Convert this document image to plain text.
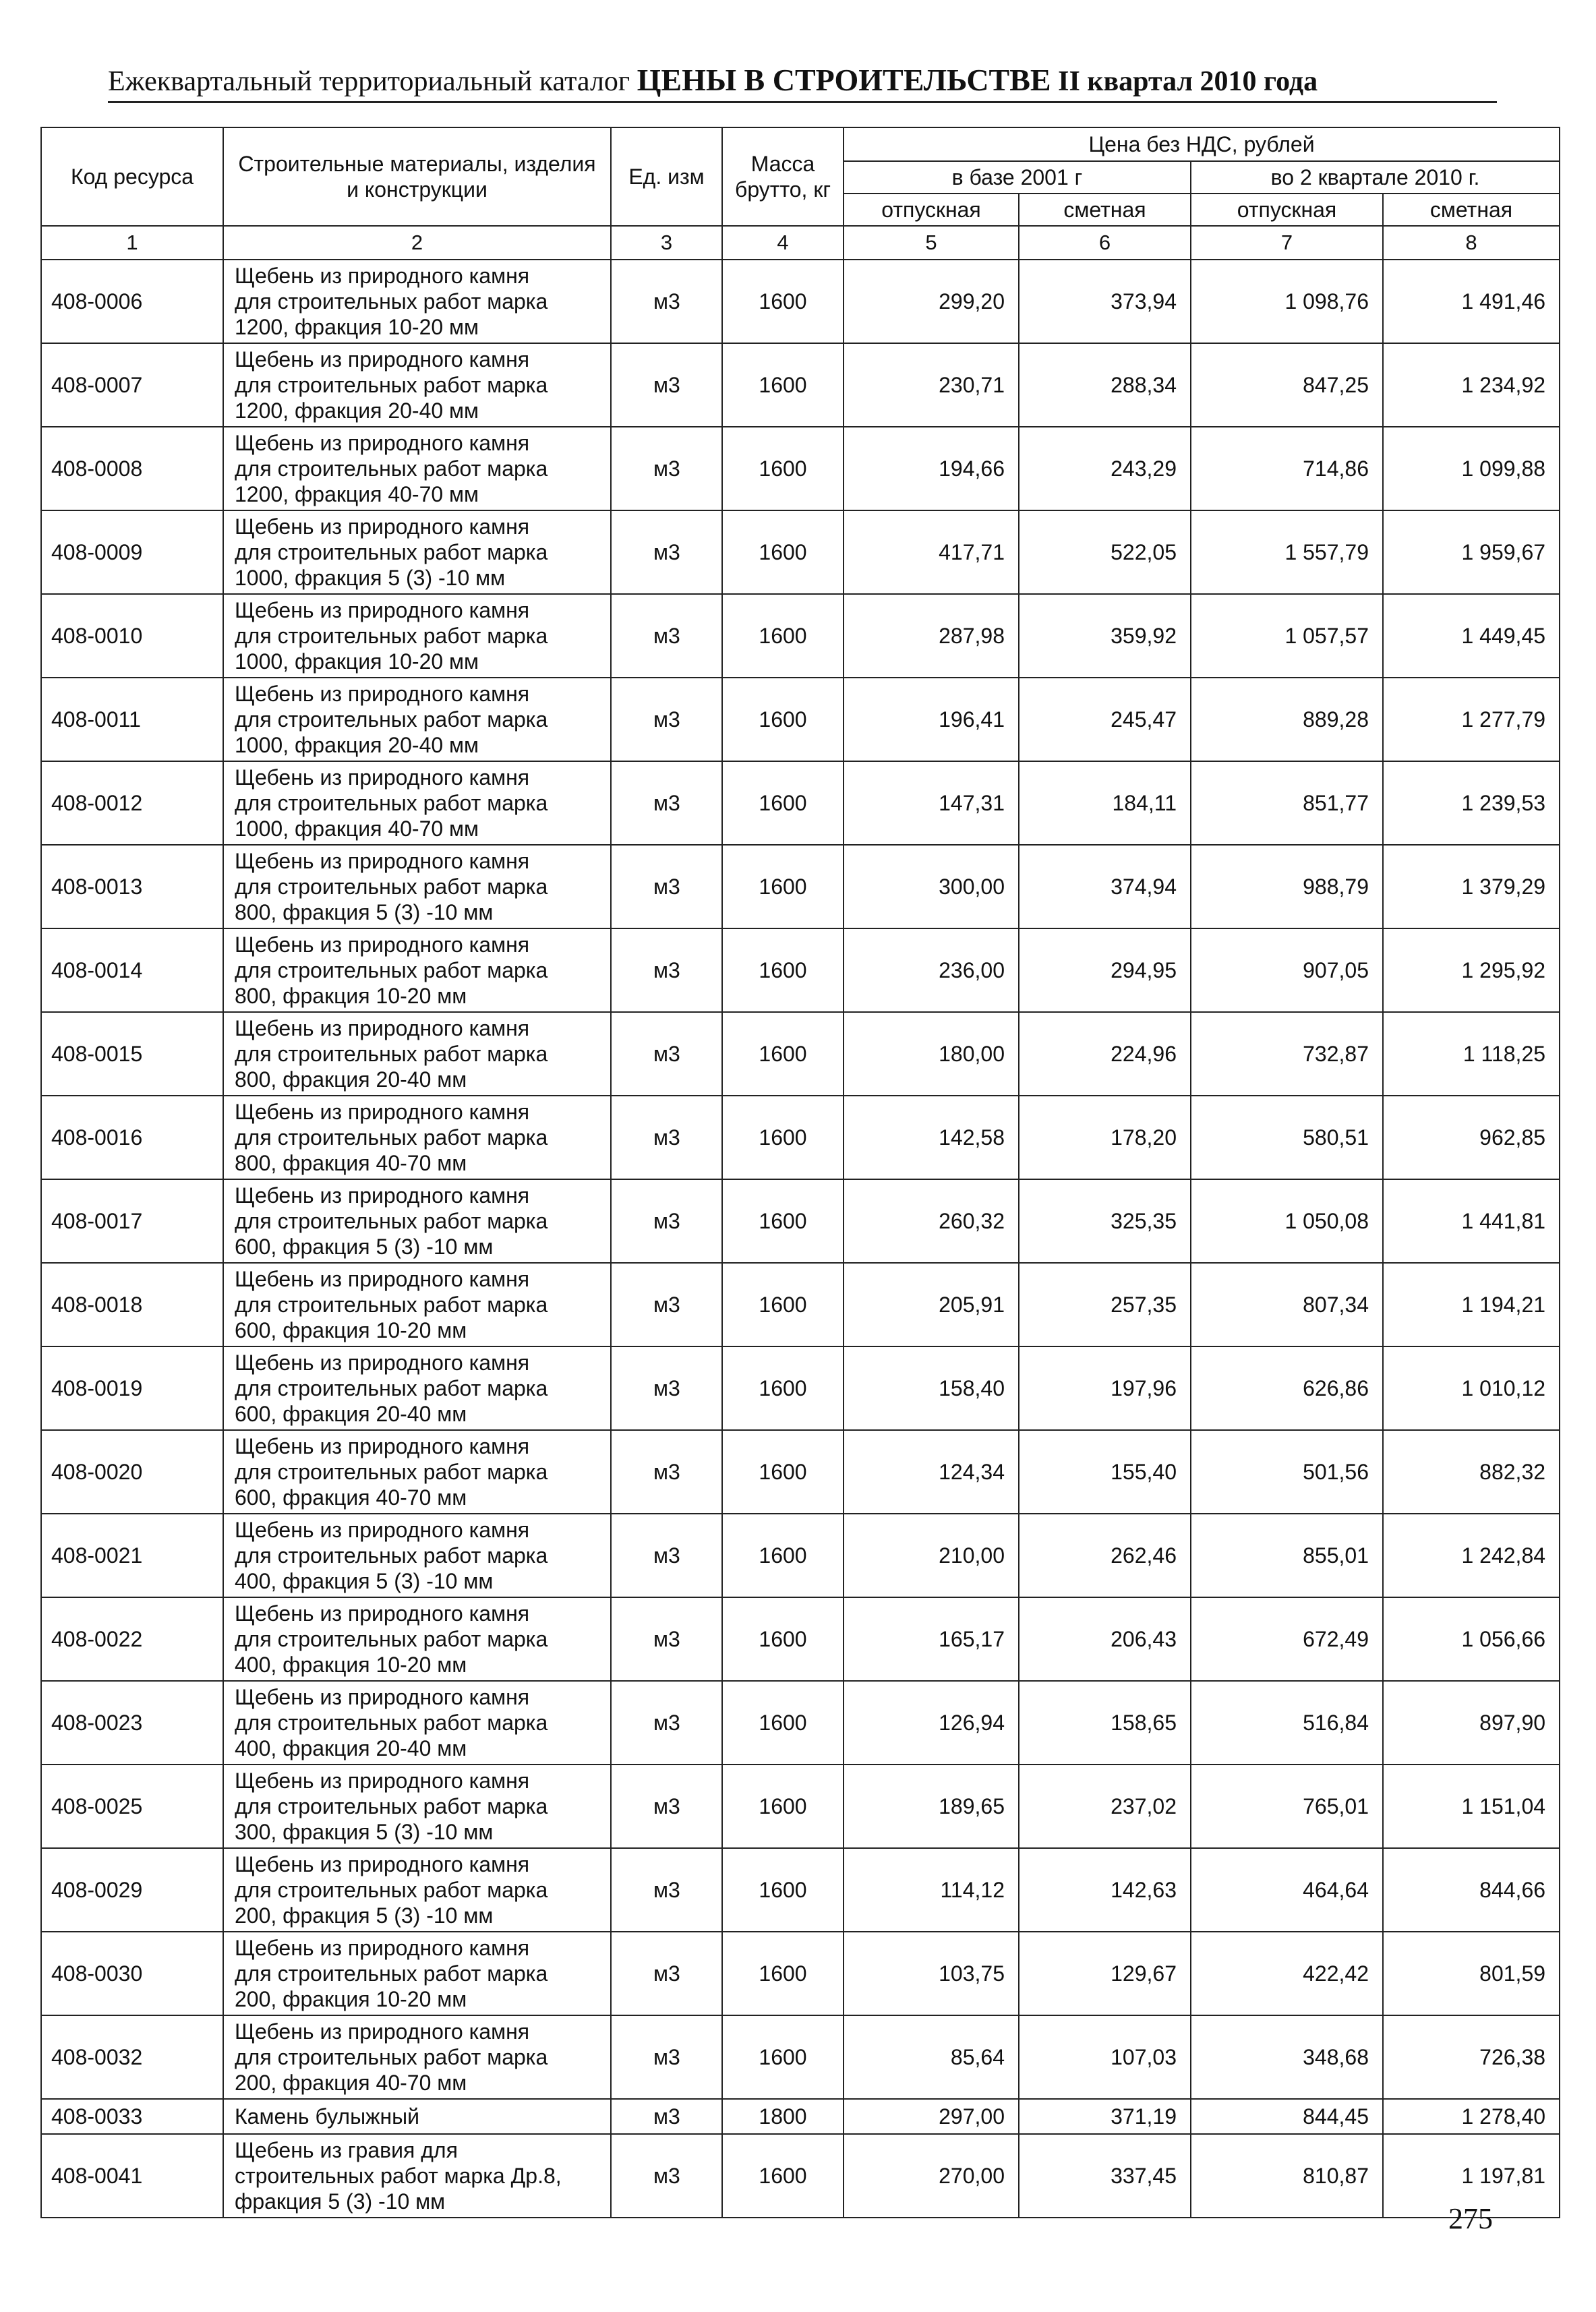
Ежеквартальный территориальный каталог ЦЕНЫ В СТРОИТЕЛЬСТВЕ II квартал 2010 года
Код ресурса	Строительные материалы, изделия и конструкции	Ед. изм	Масса брутто, кг	Цена без НДС, рублей			
				в базе 2001 г		во 2 квартале 2010 г.	
				отпускная	сметная	отпускная	сметная
1	2	3	4	5	6	7	8
408-0006	Щебень из природного камня
для строительных работ марка
1200, фракция 10-20 мм	м3	1600	299,20	373,94	1 098,76	1 491,46
408-0007	Щебень из природного камня
для строительных работ марка
1200, фракция 20-40 мм	м3	1600	230,71	288,34	847,25	1 234,92
408-0008	Щебень из природного камня
для строительных работ марка
1200, фракция 40-70 мм	м3	1600	194,66	243,29	714,86	1 099,88
408-0009	Щебень из природного камня
для строительных работ марка
1000, фракция 5 (3) -10 мм	м3	1600	417,71	522,05	1 557,79	1 959,67
408-0010	Щебень из природного камня
для строительных работ марка
1000, фракция 10-20 мм	м3	1600	287,98	359,92	1 057,57	1 449,45
408-0011	Щебень из природного камня
для строительных работ марка
1000, фракция 20-40 мм	м3	1600	196,41	245,47	889,28	1 277,79
408-0012	Щебень из природного камня
для строительных работ марка
1000, фракция 40-70 мм	м3	1600	147,31	184,11	851,77	1 239,53
408-0013	Щебень из природного камня
для строительных работ марка
800, фракция 5 (3) -10 мм	м3	1600	300,00	374,94	988,79	1 379,29
408-0014	Щебень из природного камня
для строительных работ марка
800, фракция 10-20 мм	м3	1600	236,00	294,95	907,05	1 295,92
408-0015	Щебень из природного камня
для строительных работ марка
800, фракция 20-40 мм	м3	1600	180,00	224,96	732,87	1 118,25
408-0016	Щебень из природного камня
для строительных работ марка
800, фракция 40-70 мм	м3	1600	142,58	178,20	580,51	962,85
408-0017	Щебень из природного камня
для строительных работ марка
600, фракция 5 (3) -10 мм	м3	1600	260,32	325,35	1 050,08	1 441,81
408-0018	Щебень из природного камня
для строительных работ марка
600, фракция 10-20 мм	м3	1600	205,91	257,35	807,34	1 194,21
408-0019	Щебень из природного камня
для строительных работ марка
600, фракция 20-40 мм	м3	1600	158,40	197,96	626,86	1 010,12
408-0020	Щебень из природного камня
для строительных работ марка
600, фракция 40-70 мм	м3	1600	124,34	155,40	501,56	882,32
408-0021	Щебень из природного камня
для строительных работ марка
400, фракция 5 (3) -10 мм	м3	1600	210,00	262,46	855,01	1 242,84
408-0022	Щебень из природного камня
для строительных работ марка
400, фракция 10-20 мм	м3	1600	165,17	206,43	672,49	1 056,66
408-0023	Щебень из природного камня
для строительных работ марка
400, фракция 20-40 мм	м3	1600	126,94	158,65	516,84	897,90
408-0025	Щебень из природного камня
для строительных работ марка
300, фракция 5 (3) -10 мм	м3	1600	189,65	237,02	765,01	1 151,04
408-0029	Щебень из природного камня
для строительных работ марка
200, фракция 5 (3) -10 мм	м3	1600	114,12	142,63	464,64	844,66
408-0030	Щебень из природного камня
для строительных работ марка
200, фракция 10-20 мм	м3	1600	103,75	129,67	422,42	801,59
408-0032	Щебень из природного камня
для строительных работ марка
200, фракция 40-70 мм	м3	1600	85,64	107,03	348,68	726,38
408-0033	Камень булыжный	м3	1800	297,00	371,19	844,45	1 278,40
408-0041	Щебень из гравия для
строительных работ марка Др.8,
фракция 5 (3) -10 мм	м3	1600	270,00	337,45	810,87	1 197,81
275
